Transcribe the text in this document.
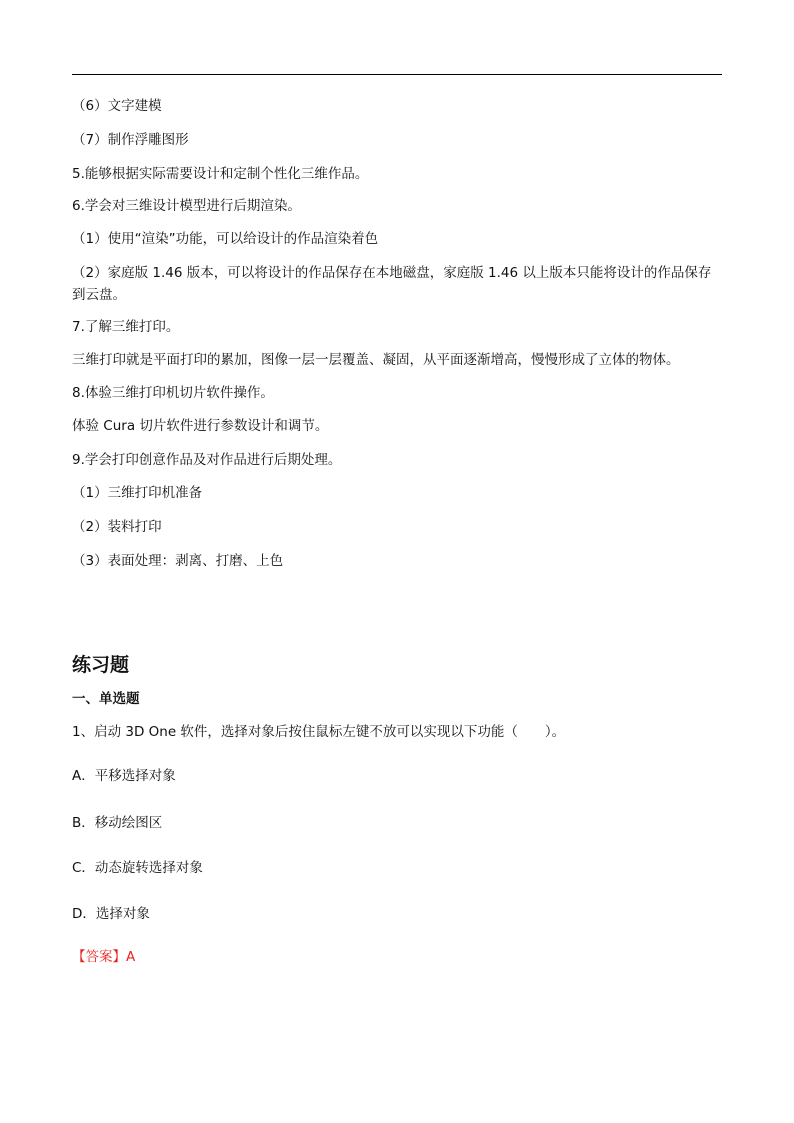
（6）文字建模
（7）制作浮雕图形
5.能够根据实际需要设计和定制个性化三维作品。
6.学会对三维设计模型进行后期渲染。
（1）使用“渲染”功能，可以给设计的作品渲染着色
（2）家庭版 1.46 版本，可以将设计的作品保存在本地磁盘，家庭版 1.46 以上版本只能将设计的作品保存到云盘。
7.了解三维打印。
三维打印就是平面打印的累加，图像一层一层覆盖、凝固，从平面逐渐增高，慢慢形成了立体的物体。
8.体验三维打印机切片软件操作。
体验 Cura 切片软件进行参数设计和调节。
9.学会打印创意作品及对作品进行后期处理。
（1）三维打印机准备
（2）装料打印
（3）表面处理：剥离、打磨、上色
练习题
一、单选题
1、启动 3D One 软件，选择对象后按住鼠标左键不放可以实现以下功能（　　）。
A．平移选择对象
B．移动绘图区
C．动态旋转选择对象
D．选择对象
【答案】A
